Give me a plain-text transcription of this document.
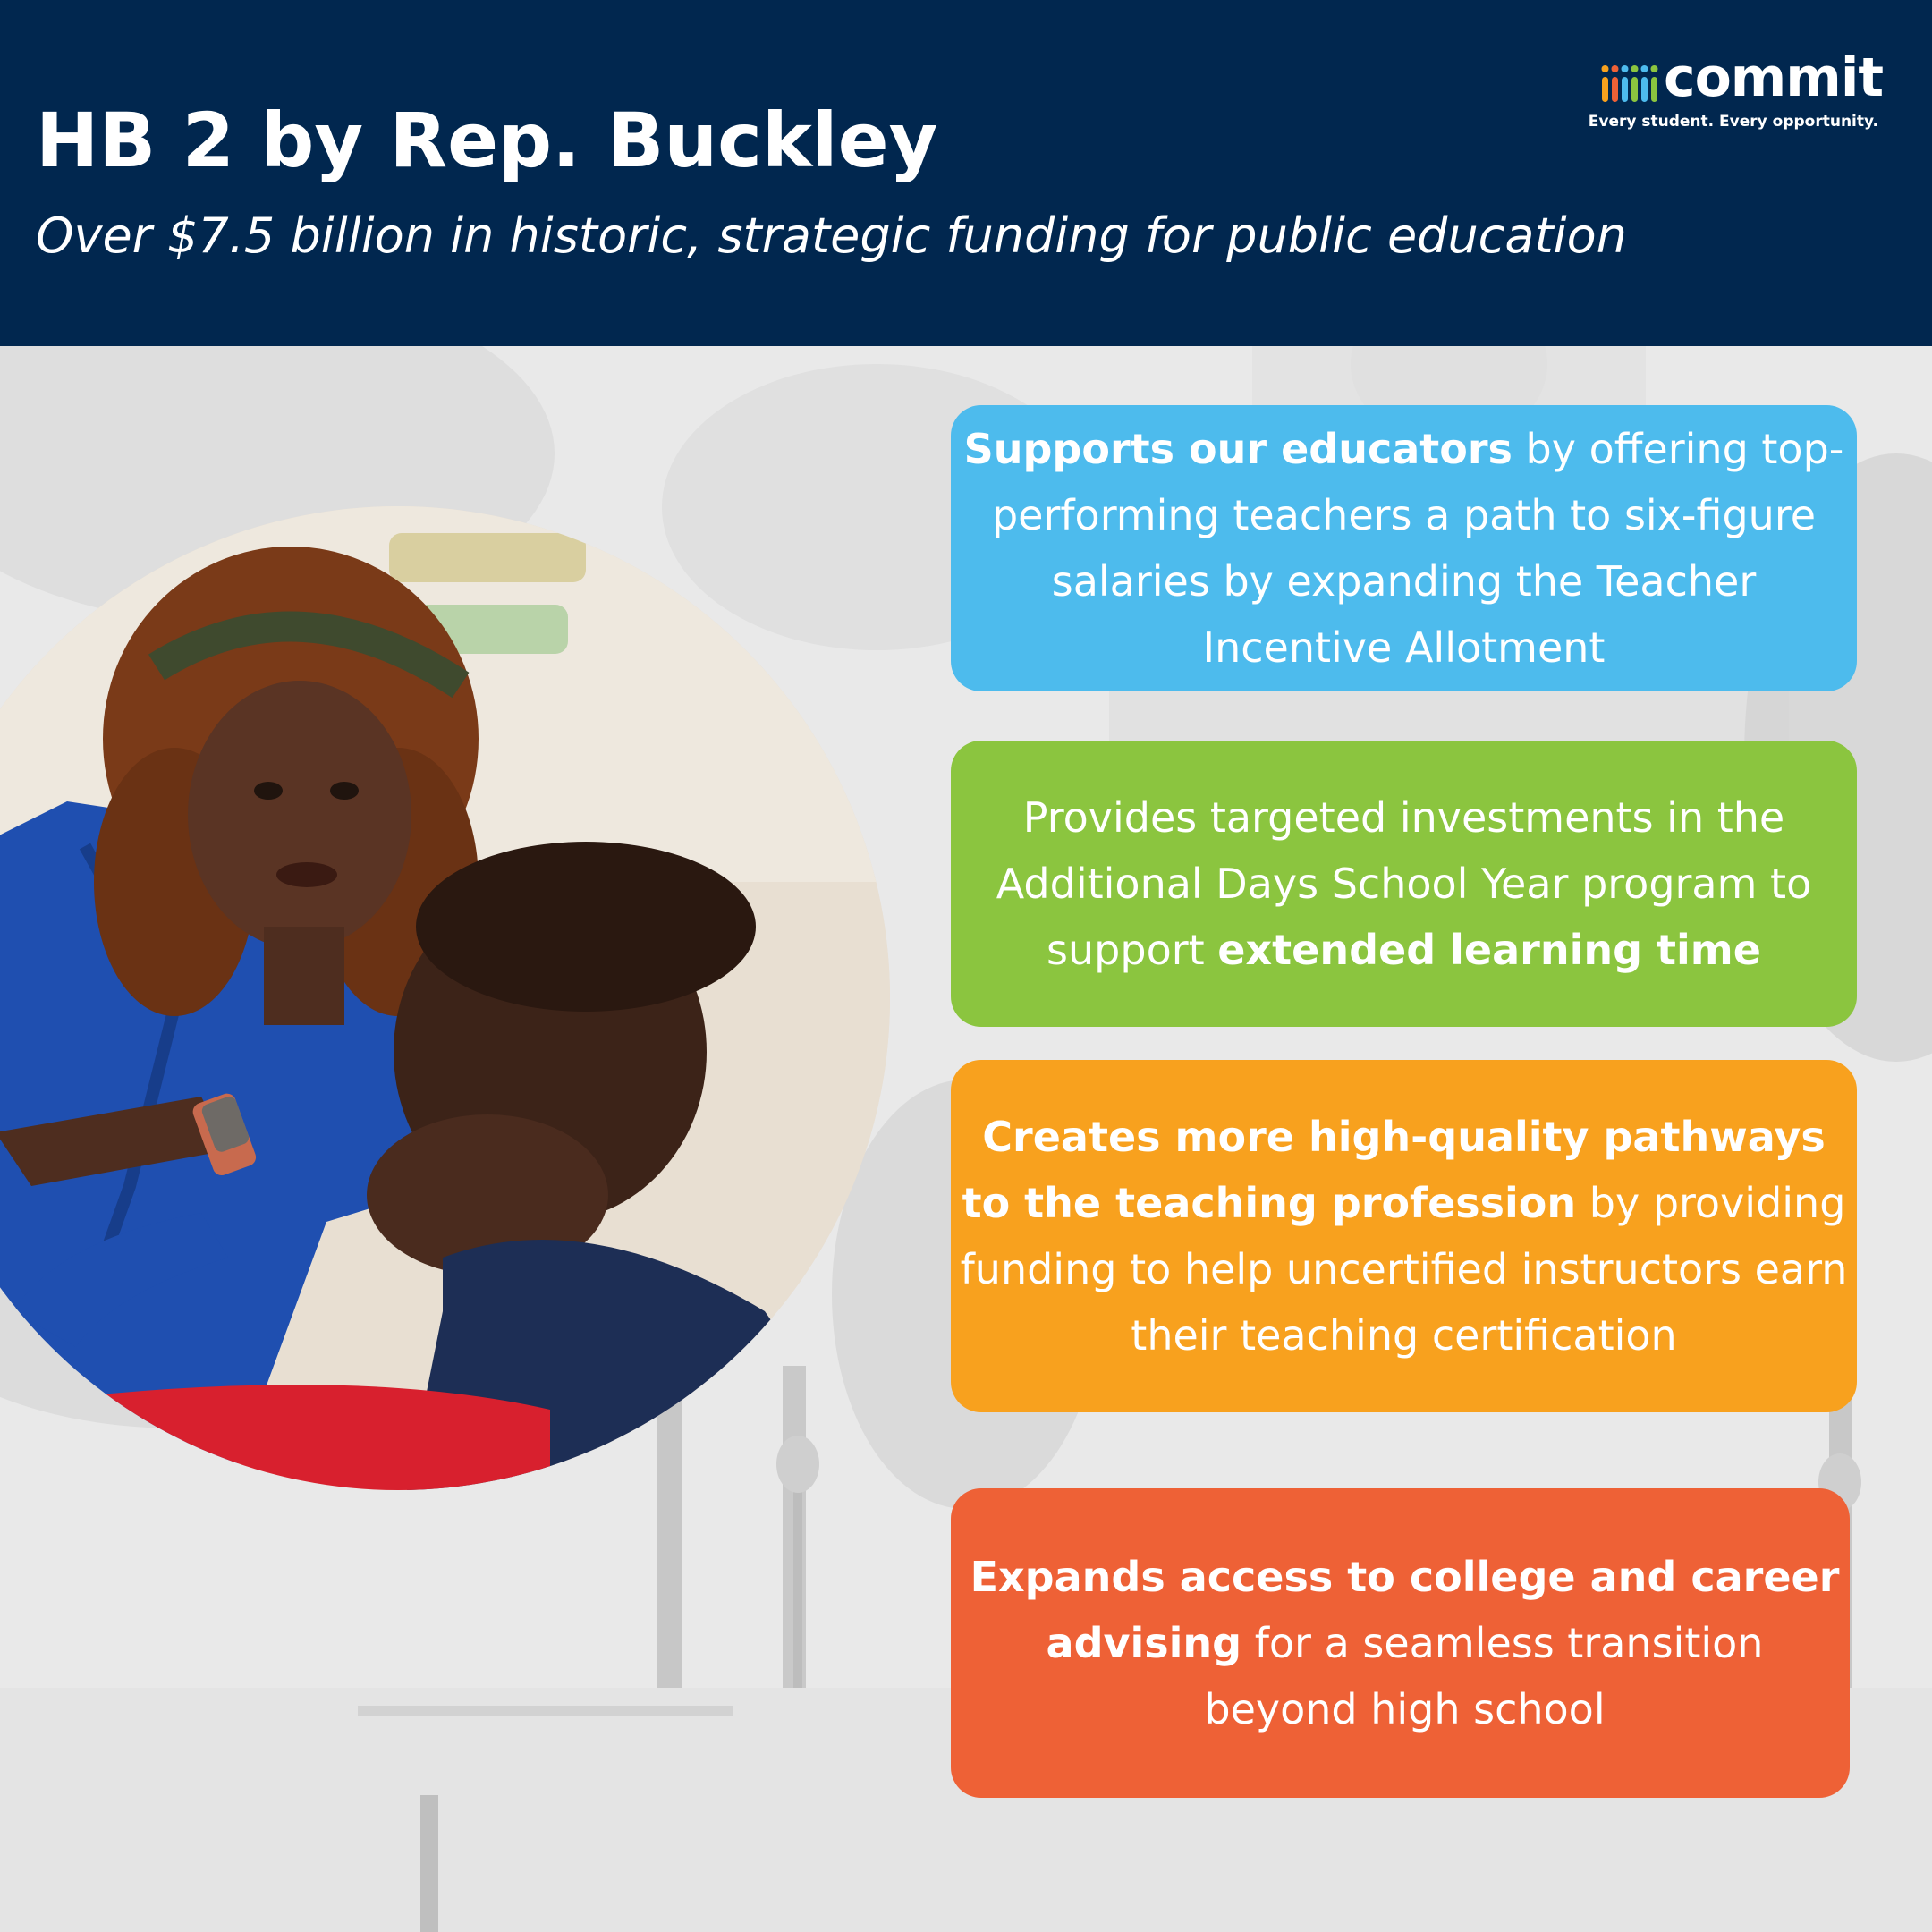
HB 2 by Rep. Buckley

Over $7.5 billion in historic, strategic funding for public education

commit
Every student. Every opportunity.

Supports our educators by offering top-performing teachers a path to six-figure salaries by expanding the Teacher Incentive Allotment

Provides targeted investments in the Additional Days School Year program to support extended learning time

Creates more high-quality pathways to the teaching profession by providing funding to help uncertified instructors earn their teaching certification

Expands access to college and career advising for a seamless transition beyond high school
